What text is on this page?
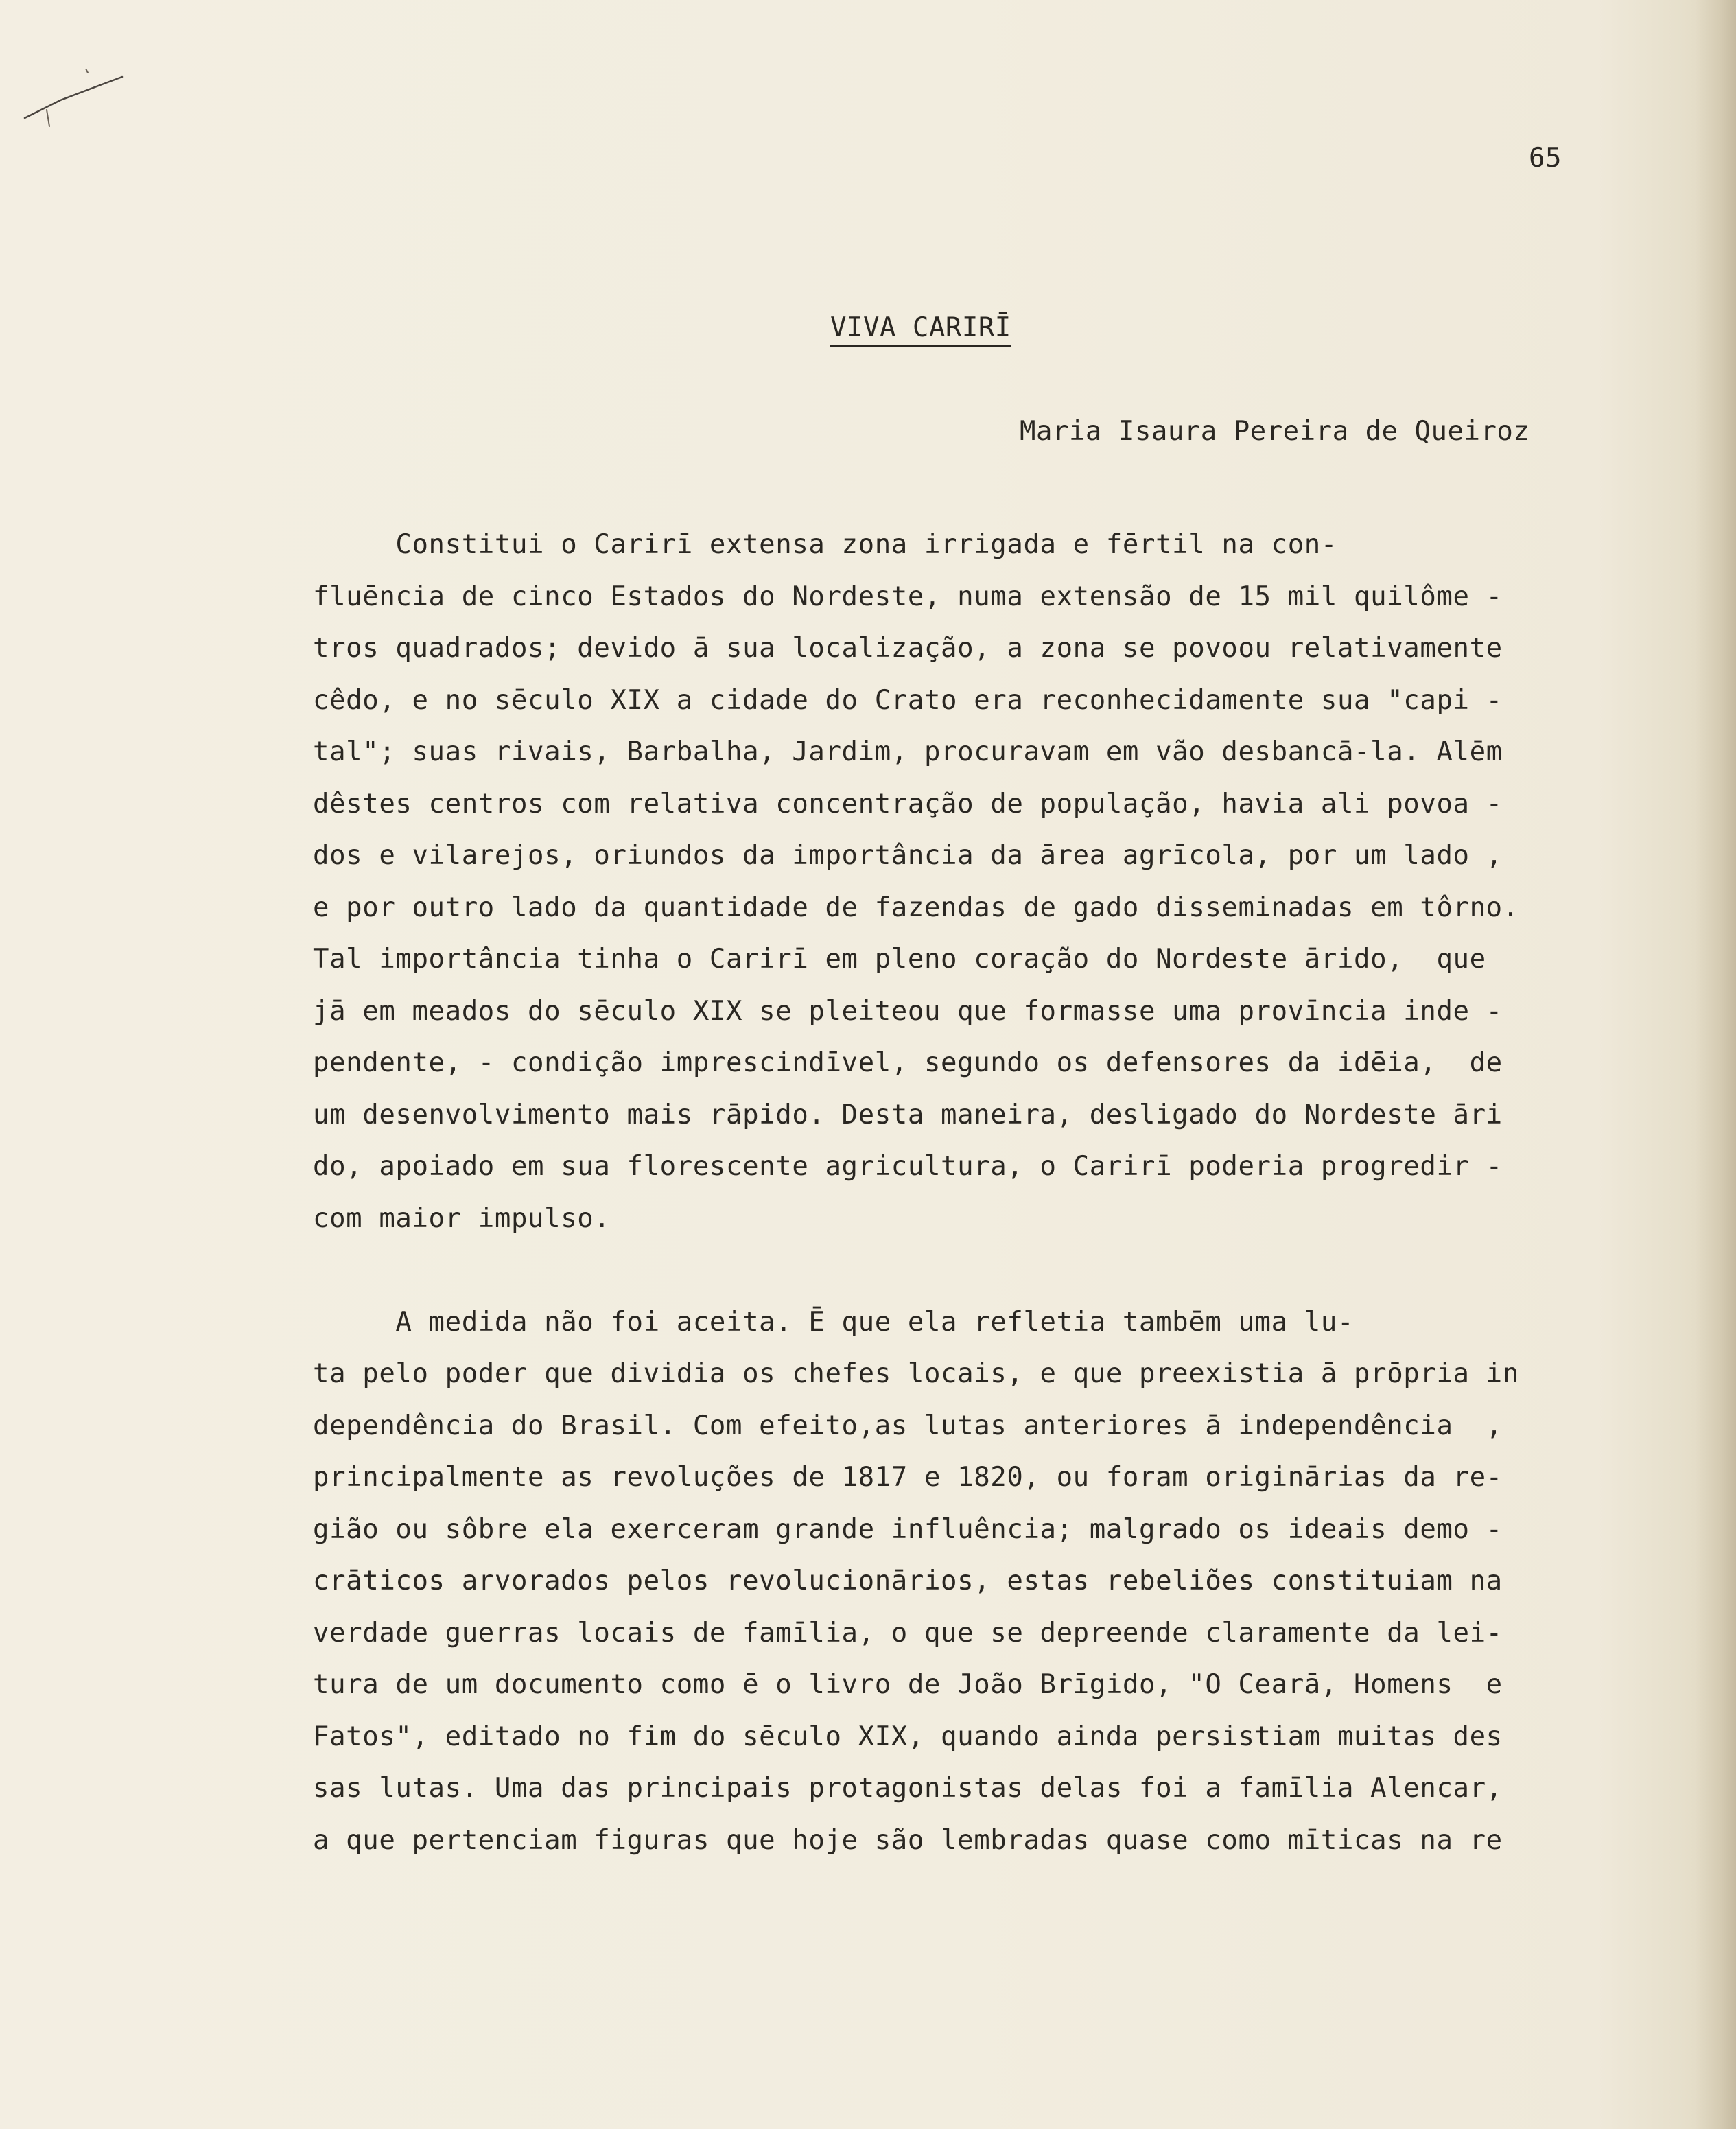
65
VIVA CARIRĪ
Maria Isaura Pereira de Queiroz
Constitui o Carirī extensa zona irrigada e fērtil na con-
fluēncia de cinco Estados do Nordeste, numa extensão de 15 mil quilôme -
tros quadrados; devido ā sua localização, a zona se povoou relativamente
cêdo, e no sēculo XIX a cidade do Crato era reconhecidamente sua "capi -
tal"; suas rivais, Barbalha, Jardim, procuravam em vão desbancā-la. Alēm
dêstes centros com relativa concentração de população, havia ali povoa -
dos e vilarejos, oriundos da importância da ārea agrīcola, por um lado ,
e por outro lado da quantidade de fazendas de gado disseminadas em tôrno.
Tal importância tinha o Carirī em pleno coração do Nordeste ārido,  que
jā em meados do sēculo XIX se pleiteou que formasse uma provīncia inde -
pendente, - condição imprescindīvel, segundo os defensores da idēia,  de
um desenvolvimento mais rāpido. Desta maneira, desligado do Nordeste āri
do, apoiado em sua florescente agricultura, o Carirī poderia progredir -
com maior impulso.
A medida não foi aceita. Ē que ela refletia tambēm uma lu-
ta pelo poder que dividia os chefes locais, e que preexistia ā prōpria in
dependência do Brasil. Com efeito,as lutas anteriores ā independência  ,
principalmente as revoluções de 1817 e 1820, ou foram originārias da re-
gião ou sôbre ela exerceram grande influência; malgrado os ideais demo -
crāticos arvorados pelos revolucionārios, estas rebeliões constituiam na
verdade guerras locais de famīlia, o que se depreende claramente da lei-
tura de um documento como ē o livro de João Brīgido, "O Cearā, Homens  e
Fatos", editado no fim do sēculo XIX, quando ainda persistiam muitas des
sas lutas. Uma das principais protagonistas delas foi a famīlia Alencar,
a que pertenciam figuras que hoje são lembradas quase como mīticas na re
